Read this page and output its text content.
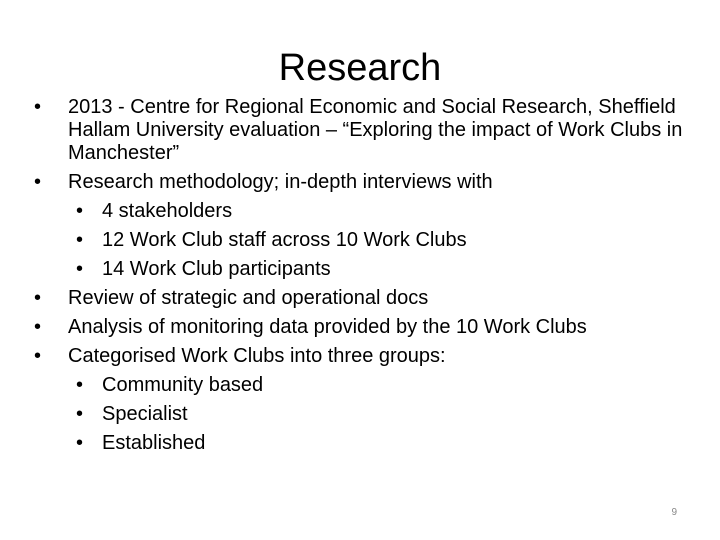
Research
• 2013 - Centre for Regional Economic and Social Research, Sheffield Hallam University evaluation – “Exploring the impact of Work Clubs in Manchester”
• Research methodology; in-depth interviews with
• 4 stakeholders
• 12 Work Club staff across 10 Work Clubs
• 14 Work Club participants
• Review of strategic and operational docs
• Analysis of monitoring data provided by the 10 Work Clubs
• Categorised Work Clubs into three groups:
• Community based
• Specialist
• Established
9
